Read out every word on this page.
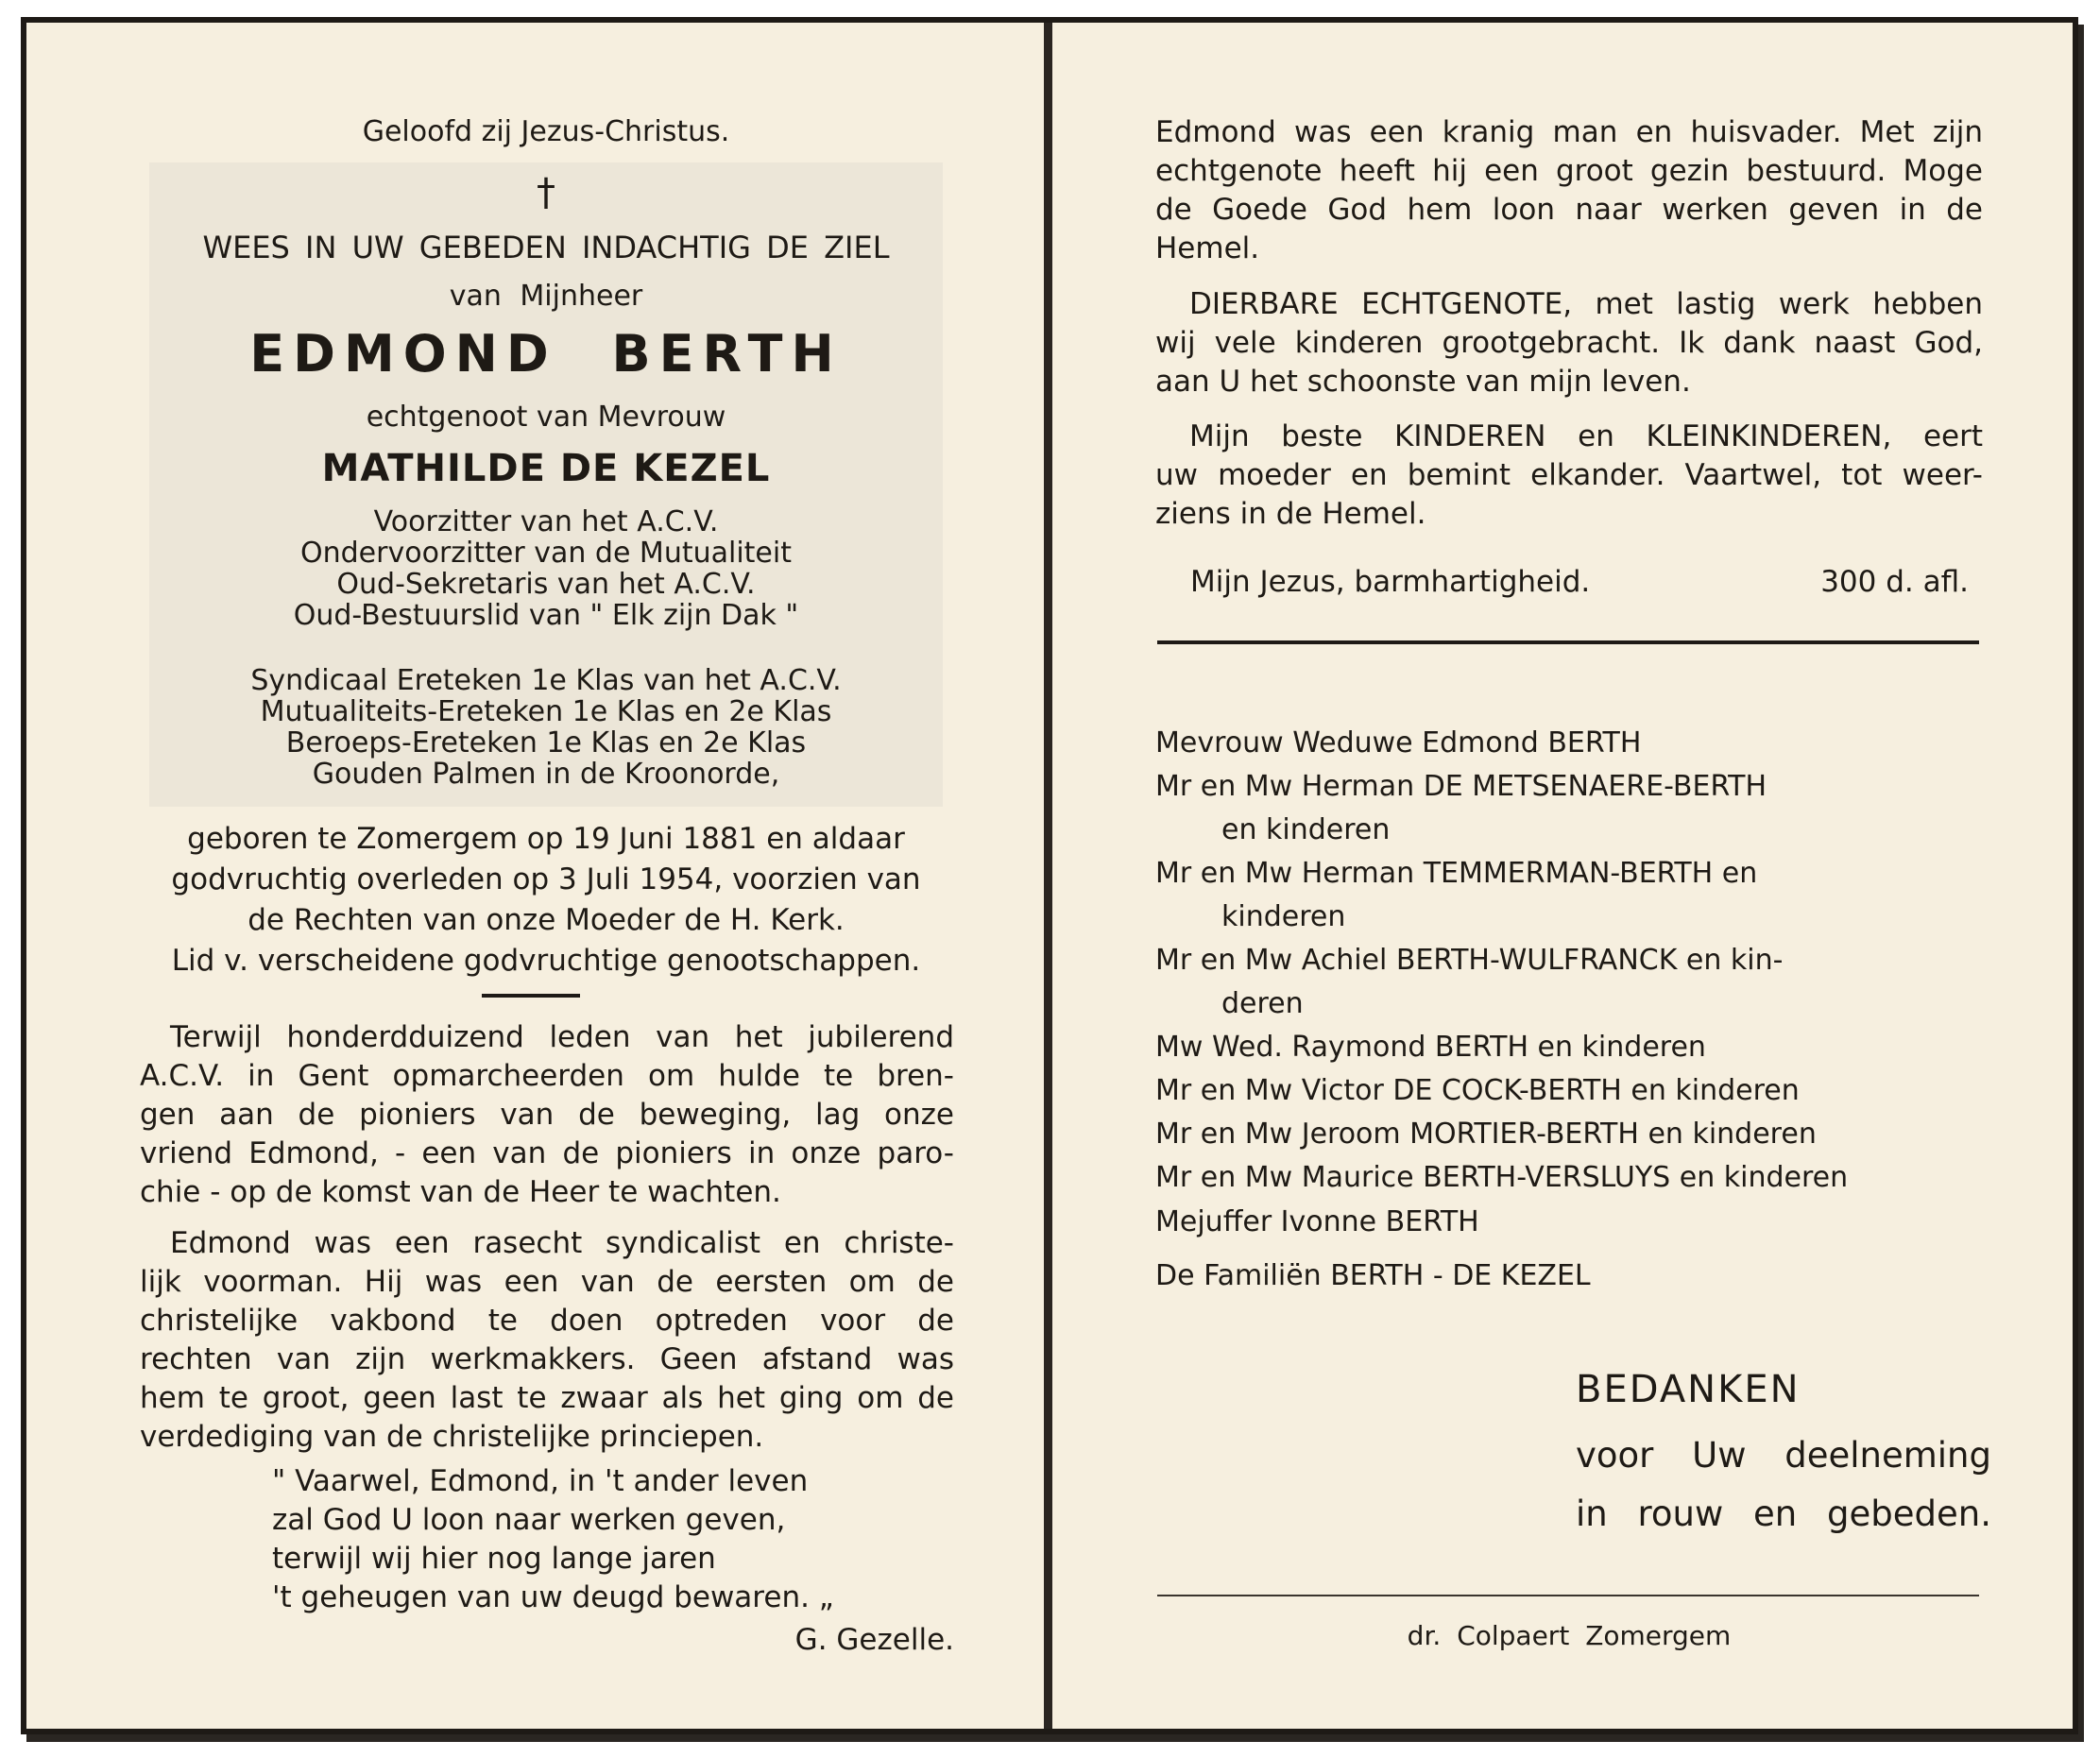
Geloofd zij Jezus-Christus.
†
WEES IN UW GEBEDEN INDACHTIG DE ZIEL
van Mijnheer
EDMOND BERTH
echtgenoot van Mevrouw
MATHILDE DE KEZEL
Voorzitter van het A.C.V.
Ondervoorzitter van de Mutualiteit
Oud-Sekretaris van het A.C.V.
Oud-Bestuurslid van " Elk zijn Dak "
Syndicaal Ereteken 1e Klas van het A.C.V.
Mutualiteits-Ereteken 1e Klas en 2e Klas
Beroeps-Ereteken 1e Klas en 2e Klas
Gouden Palmen in de Kroonorde,
geboren te Zomergem op 19 Juni 1881 en aldaar
godvruchtig overleden op 3 Juli 1954, voorzien van
de Rechten van onze Moeder de H. Kerk.
Lid v. verscheidene godvruchtige genootschappen.
Terwijl honderdduizend leden van het jubilerend
A.C.V. in Gent opmarcheerden om hulde te bren-
gen aan de pioniers van de beweging, lag onze
vriend Edmond, - een van de pioniers in onze paro-
chie - op de komst van de Heer te wachten.
Edmond was een rasecht syndicalist en christe-
lijk voorman. Hij was een van de eersten om de
christelijke vakbond te doen optreden voor de
rechten van zijn werkmakkers. Geen afstand was
hem te groot, geen last te zwaar als het ging om de
verdediging van de christelijke princiepen.
" Vaarwel, Edmond, in 't ander leven
zal God U loon naar werken geven,
terwijl wij hier nog lange jaren
't geheugen van uw deugd bewaren. „
G. Gezelle.
Edmond was een kranig man en huisvader. Met zijn
echtgenote heeft hij een groot gezin bestuurd. Moge
de Goede God hem loon naar werken geven in de
Hemel.
DIERBARE ECHTGENOTE, met lastig werk hebben
wij vele kinderen grootgebracht. Ik dank naast God,
aan U het schoonste van mijn leven.
Mijn beste KINDEREN en KLEINKINDEREN, eert
uw moeder en bemint elkander. Vaartwel, tot weer-
ziens in de Hemel.
Mijn Jezus, barmhartigheid.	300 d. afl.
Mevrouw Weduwe Edmond BERTH
Mr en Mw Herman DE METSENAERE-BERTH
en kinderen
Mr en Mw Herman TEMMERMAN-BERTH en
kinderen
Mr en Mw Achiel BERTH-WULFRANCK en kin-
deren
Mw Wed. Raymond BERTH en kinderen
Mr en Mw Victor DE COCK-BERTH en kinderen
Mr en Mw Jeroom MORTIER-BERTH en kinderen
Mr en Mw Maurice BERTH-VERSLUYS en kinderen
Mejuffer Ivonne BERTH
De Familiën BERTH - DE KEZEL
BEDANKEN
voor Uw deelneming
in rouw en gebeden.
dr. Colpaert Zomergem
